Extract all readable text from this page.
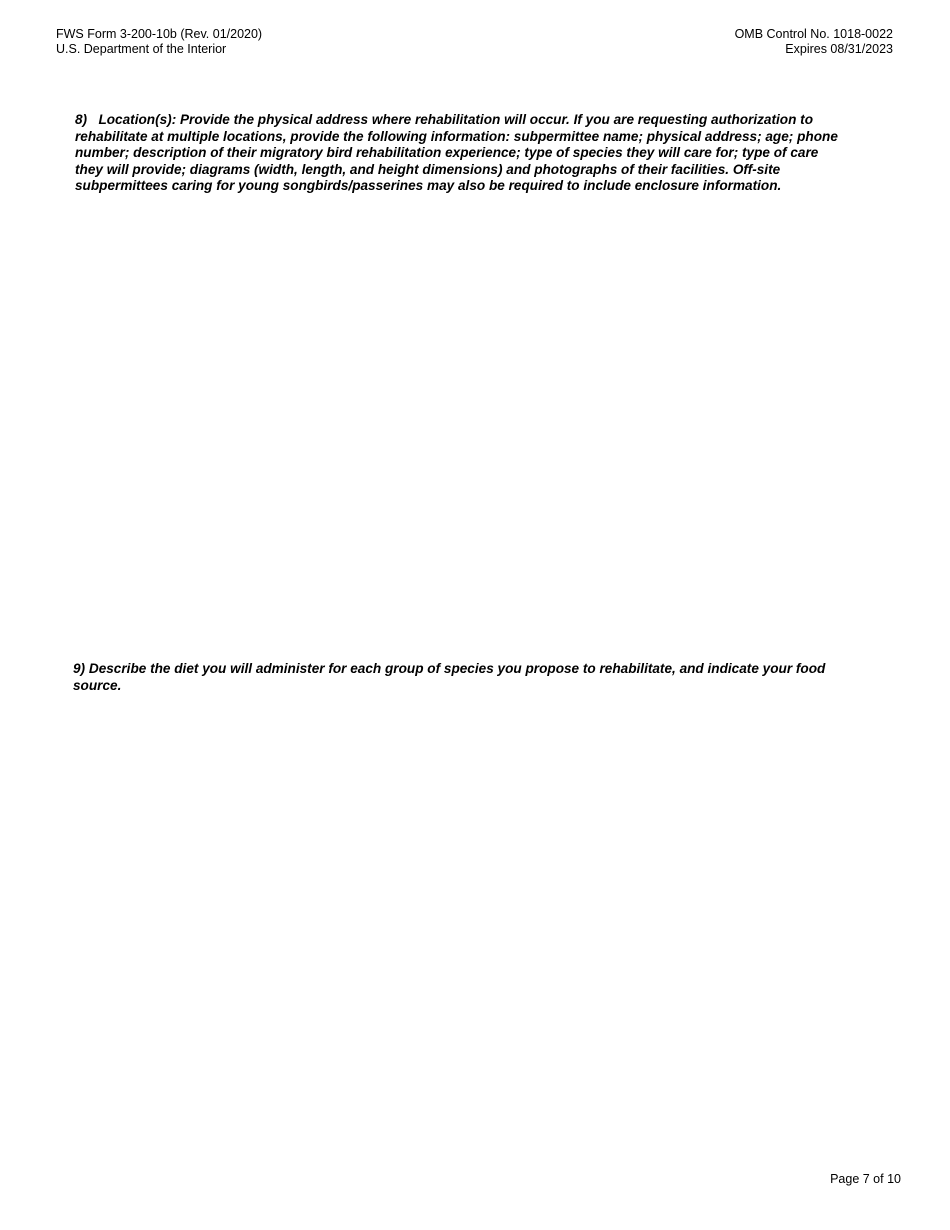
FWS Form 3-200-10b (Rev. 01/2020)
U.S. Department of the Interior
OMB Control No. 1018-0022
Expires 08/31/2023
8) Location(s): Provide the physical address where rehabilitation will occur. If you are requesting authorization to rehabilitate at multiple locations, provide the following information: subpermittee name; physical address; age; phone number; description of their migratory bird rehabilitation experience; type of species they will care for; type of care they will provide; diagrams (width, length, and height dimensions) and photographs of their facilities. Off-site subpermittees caring for young songbirds/passerines may also be required to include enclosure information.
9) Describe the diet you will administer for each group of species you propose to rehabilitate, and indicate your food source.
Page 7 of 10
